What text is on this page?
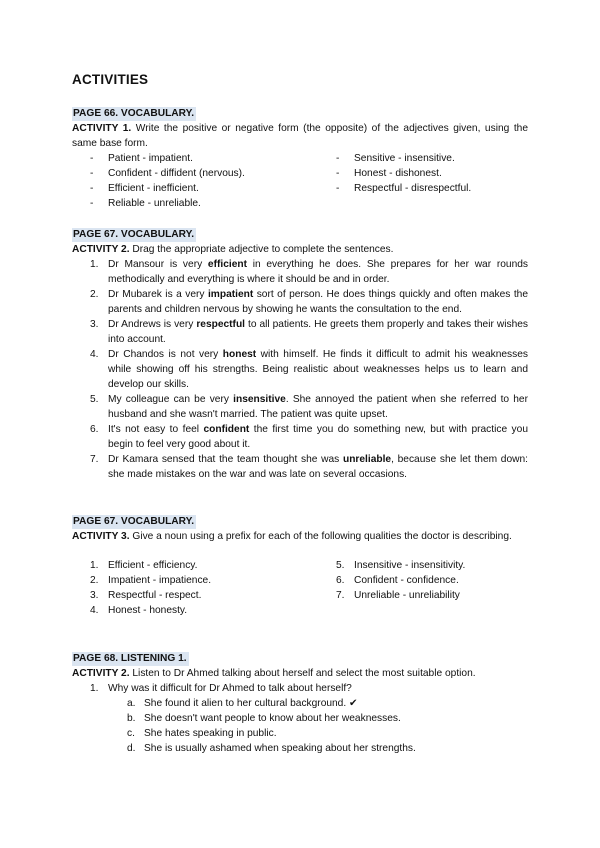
ACTIVITIES
PAGE 66. VOCABULARY.
ACTIVITY 1. Write the positive or negative form (the opposite) of the adjectives given, using the same base form.
- Patient - impatient.
- Confident - diffident (nervous).
- Efficient - inefficient.
- Reliable - unreliable.
- Sensitive - insensitive.
- Honest - dishonest.
- Respectful - disrespectful.
PAGE 67. VOCABULARY.
ACTIVITY 2. Drag the appropriate adjective to complete the sentences.
1. Dr Mansour is very efficient in everything he does. She prepares for her war rounds methodically and everything is where it should be and in order.
2. Dr Mubarek is a very impatient sort of person. He does things quickly and often makes the parents and children nervous by showing he wants the consultation to the end.
3. Dr Andrews is very respectful to all patients. He greets them properly and takes their wishes into account.
4. Dr Chandos is not very honest with himself. He finds it difficult to admit his weaknesses while showing off his strengths. Being realistic about weaknesses helps us to learn and develop our skills.
5. My colleague can be very insensitive. She annoyed the patient when she referred to her husband and she wasn't married. The patient was quite upset.
6. It's not easy to feel confident the first time you do something new, but with practice you begin to feel very good about it.
7. Dr Kamara sensed that the team thought she was unreliable, because she let them down: she made mistakes on the war and was late on several occasions.
PAGE 67. VOCABULARY.
ACTIVITY 3. Give a noun using a prefix for each of the following qualities the doctor is describing.
1. Efficient - efficiency.
2. Impatient - impatience.
3. Respectful - respect.
4. Honest - honesty.
5. Insensitive - insensitivity.
6. Confident - confidence.
7. Unreliable - unreliability
PAGE 68. LISTENING 1.
ACTIVITY 2. Listen to Dr Ahmed talking about herself and select the most suitable option.
1. Why was it difficult for Dr Ahmed to talk about herself?
a. She found it alien to her cultural background. ✔
b. She doesn't want people to know about her weaknesses.
c. She hates speaking in public.
d. She is usually ashamed when speaking about her strengths.
